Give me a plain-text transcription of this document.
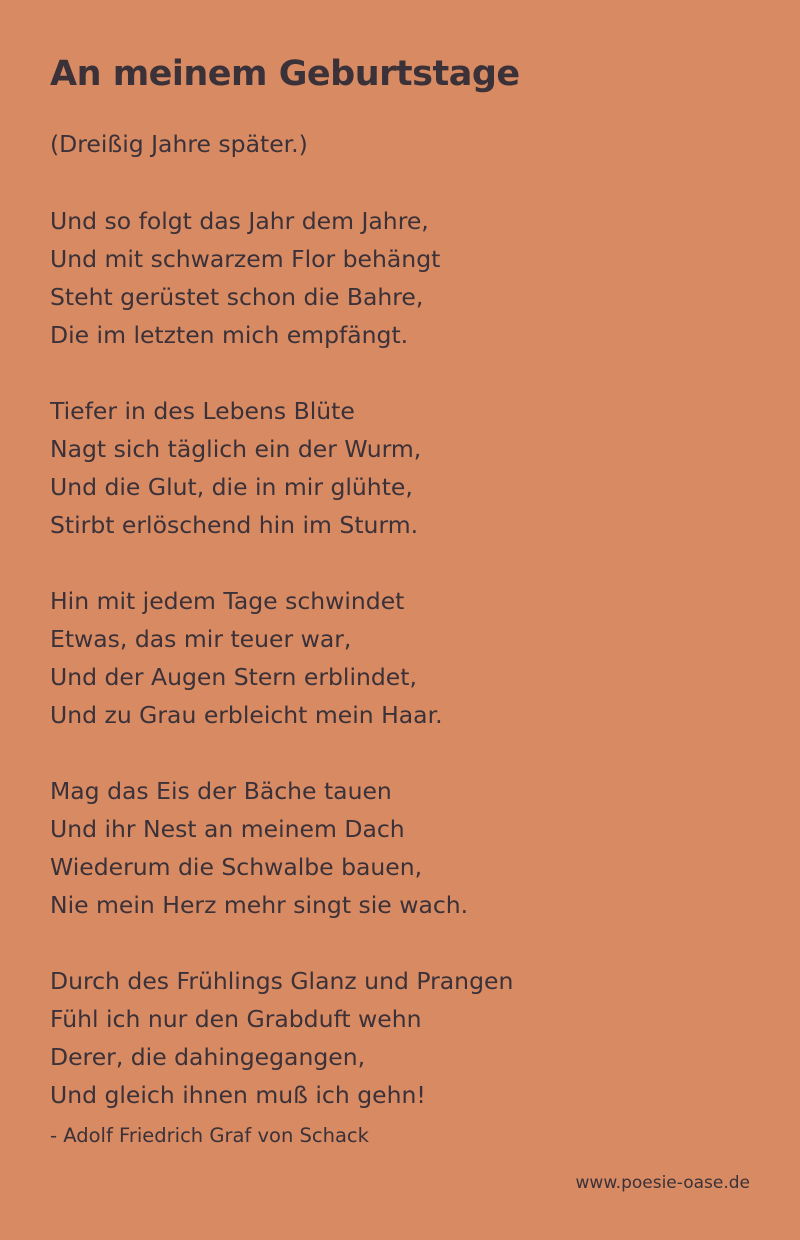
An meinem Geburtstage

(Dreißig Jahre später.)

Und so folgt das Jahr dem Jahre,
Und mit schwarzem Flor behängt
Steht gerüstet schon die Bahre,
Die im letzten mich empfängt.
Tiefer in des Lebens Blüte
Nagt sich täglich ein der Wurm,
Und die Glut, die in mir glühte,
Stirbt erlöschend hin im Sturm.
Hin mit jedem Tage schwindet
Etwas, das mir teuer war,
Und der Augen Stern erblindet,
Und zu Grau erbleicht mein Haar.
Mag das Eis der Bäche tauen
Und ihr Nest an meinem Dach
Wiederum die Schwalbe bauen,
Nie mein Herz mehr singt sie wach.
Durch des Frühlings Glanz und Prangen
Fühl ich nur den Grabduft wehn
Derer, die dahingegangen,
Und gleich ihnen muß ich gehn!

- Adolf Friedrich Graf von Schack

www.poesie-oase.de
